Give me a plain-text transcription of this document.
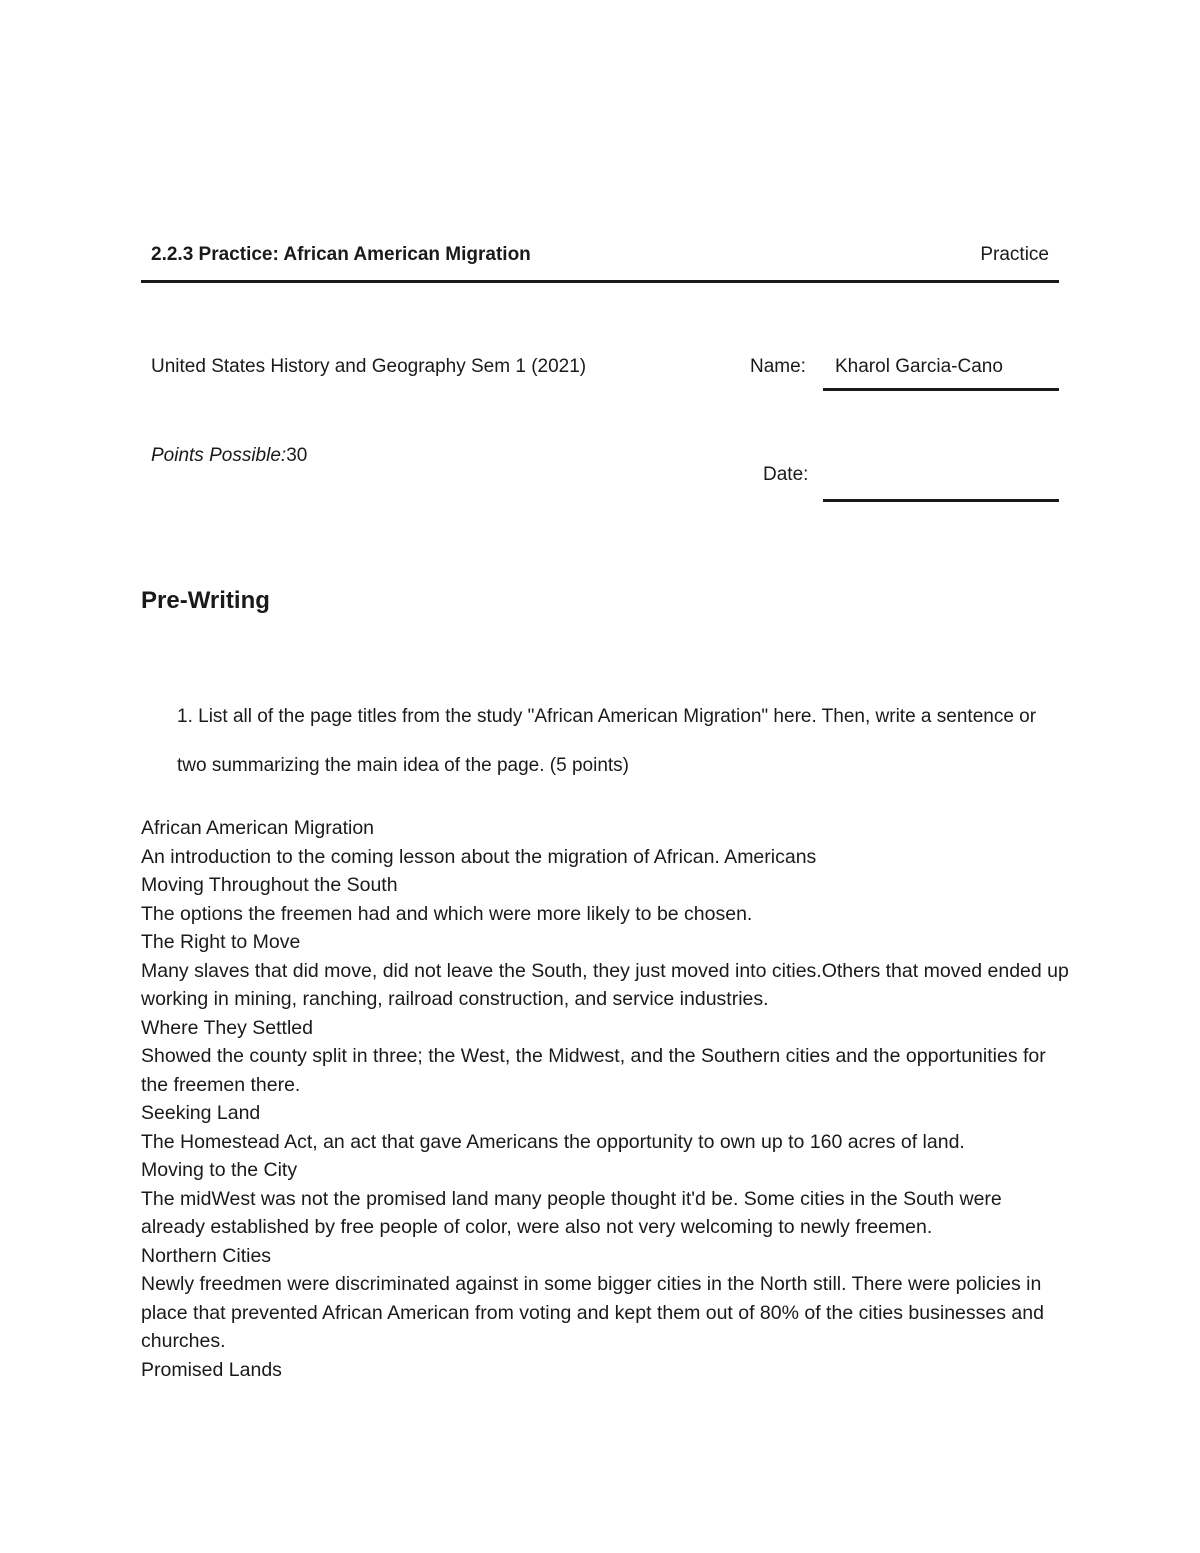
2.2.3 Practice: African American Migration	Practice
United States History and Geography Sem 1 (2021)	Name: Kharol Garcia-Cano
Points Possible:30
Date:
Pre-Writing
1. List all of the page titles from the study "African American Migration" here. Then, write a sentence or two summarizing the main idea of the page. (5 points)
African American Migration
An introduction to the coming lesson about the migration of African. Americans
Moving Throughout the South
The options the freemen had and which were more likely to be chosen.
The Right to Move
Many slaves that did move, did not leave the South, they just moved into cities.Others that moved ended up working in mining, ranching, railroad construction, and service industries.
Where They Settled
Showed the county split in three; the West, the Midwest, and the Southern cities and the opportunities for the freemen there.
Seeking Land
The Homestead Act, an act that gave Americans the opportunity to own up to 160 acres of land.
Moving to the City
The midWest was not the promised land many people thought it'd be. Some cities in the South were already established by free people of color, were also not very welcoming to newly freemen.
Northern Cities
Newly freedmen were discriminated against in some bigger cities in the North still. There were policies in place that prevented African American from voting and kept them out of 80% of the cities businesses and churches.
Promised Lands
